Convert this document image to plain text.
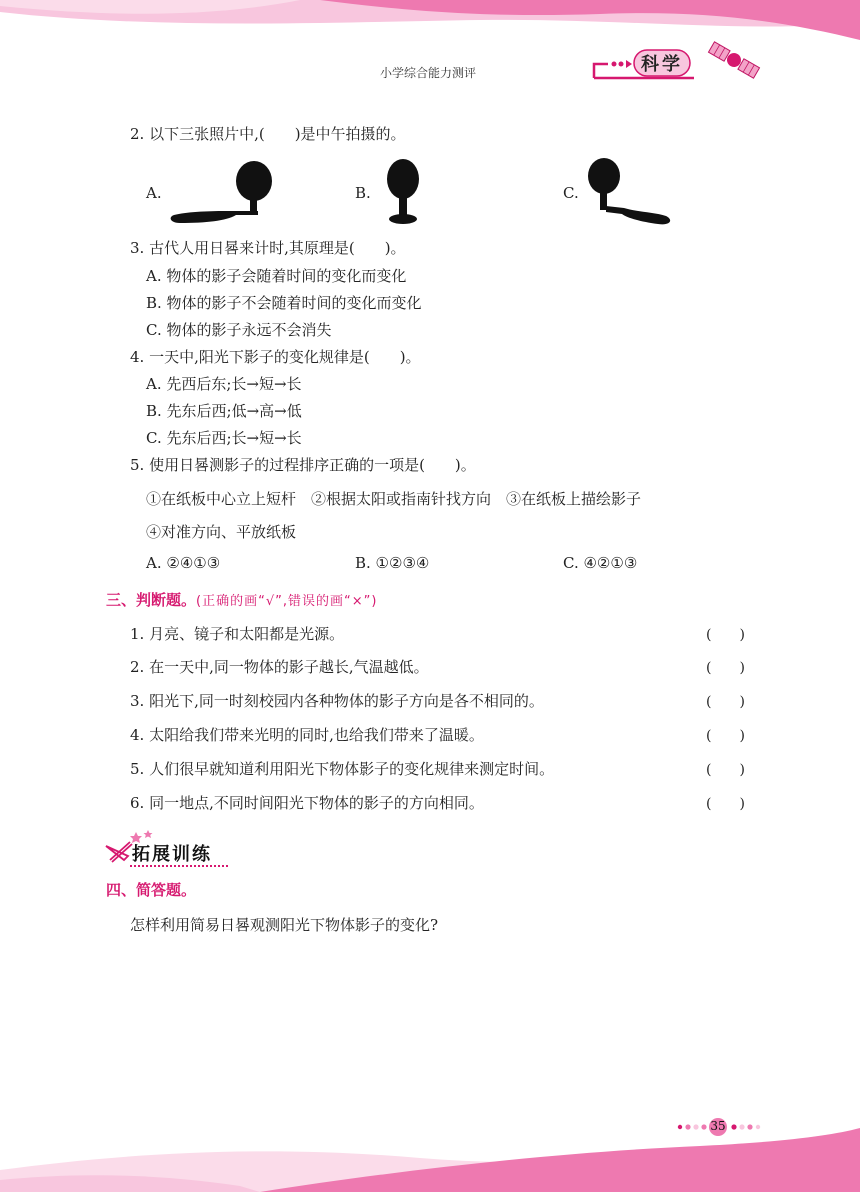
小学综合能力测评	科学
2. 以下三张照片中,(　　)是中午拍摄的。
A.	B.	C.
3. 古代人用日晷来计时,其原理是(　　)。
A. 物体的影子会随着时间的变化而变化
B. 物体的影子不会随着时间的变化而变化
C. 物体的影子永远不会消失
4. 一天中,阳光下影子的变化规律是(　　)。
A. 先西后东;长→短→长
B. 先东后西;低→高→低
C. 先东后西;长→短→长
5. 使用日晷测影子的过程排序正确的一项是(　　)。
①在纸板中心立上短杆　②根据太阳或指南针找方向　③在纸板上描绘影子
④对准方向、平放纸板
A. ②④①③	B. ①②③④	C. ④②①③
三、判断题。(正确的画“√”,错误的画“×”)
1. 月亮、镜子和太阳都是光源。	(　　)
2. 在一天中,同一物体的影子越长,气温越低。	(　　)
3. 阳光下,同一时刻校园内各种物体的影子方向是各不相同的。	(　　)
4. 太阳给我们带来光明的同时,也给我们带来了温暖。	(　　)
5. 人们很早就知道利用阳光下物体影子的变化规律来测定时间。	(　　)
6. 同一地点,不同时间阳光下物体的影子的方向相同。	(　　)
拓展训练
四、简答题。
怎样利用简易日晷观测阳光下物体影子的变化?
35
